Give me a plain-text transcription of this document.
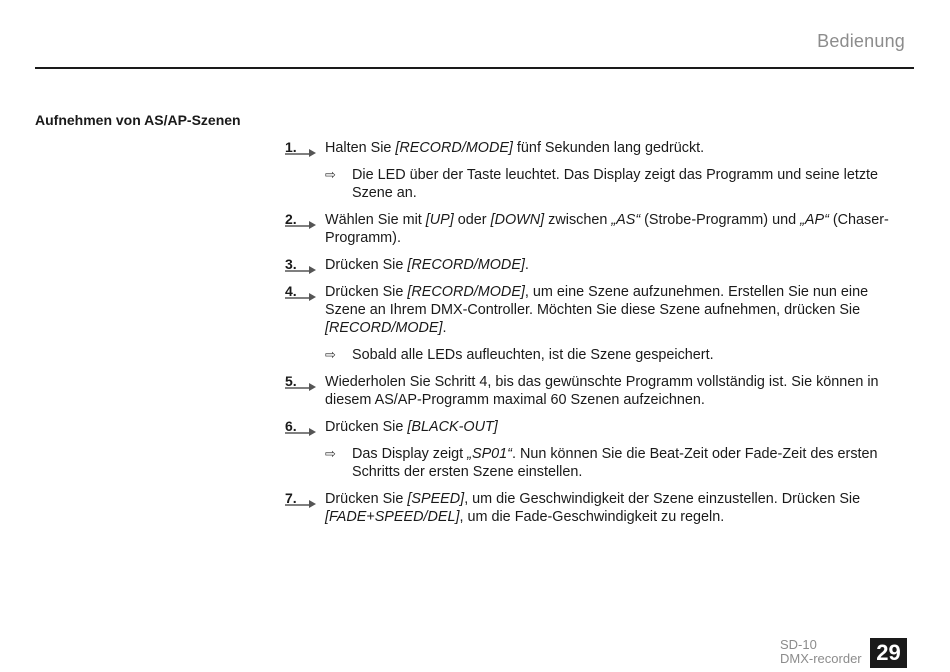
Bedienung
Aufnehmen von AS/AP-Szenen
1. Halten Sie [RECORD/MODE] fünf Sekunden lang gedrückt.
⇨ Die LED über der Taste leuchtet. Das Display zeigt das Programm und seine letzte Szene an.
2. Wählen Sie mit [UP] oder [DOWN] zwischen „AS“ (Strobe-Programm) und „AP“ (Chaser-Programm).
3. Drücken Sie [RECORD/MODE].
4. Drücken Sie [RECORD/MODE], um eine Szene aufzunehmen. Erstellen Sie nun eine Szene an Ihrem DMX-Controller. Möchten Sie diese Szene aufnehmen, drücken Sie [RECORD/MODE].
⇨ Sobald alle LEDs aufleuchten, ist die Szene gespeichert.
5. Wiederholen Sie Schritt 4, bis das gewünschte Programm vollständig ist. Sie können in diesem AS/AP-Programm maximal 60 Szenen aufzeichnen.
6. Drücken Sie [BLACK-OUT]
⇨ Das Display zeigt „SP01“. Nun können Sie die Beat-Zeit oder Fade-Zeit des ersten Schritts der ersten Szene einstellen.
7. Drücken Sie [SPEED], um die Geschwindigkeit der Szene einzustellen. Drücken Sie [FADE+SPEED/DEL], um die Fade-Geschwindigkeit zu regeln.
SD-10
DMX-recorder 29
